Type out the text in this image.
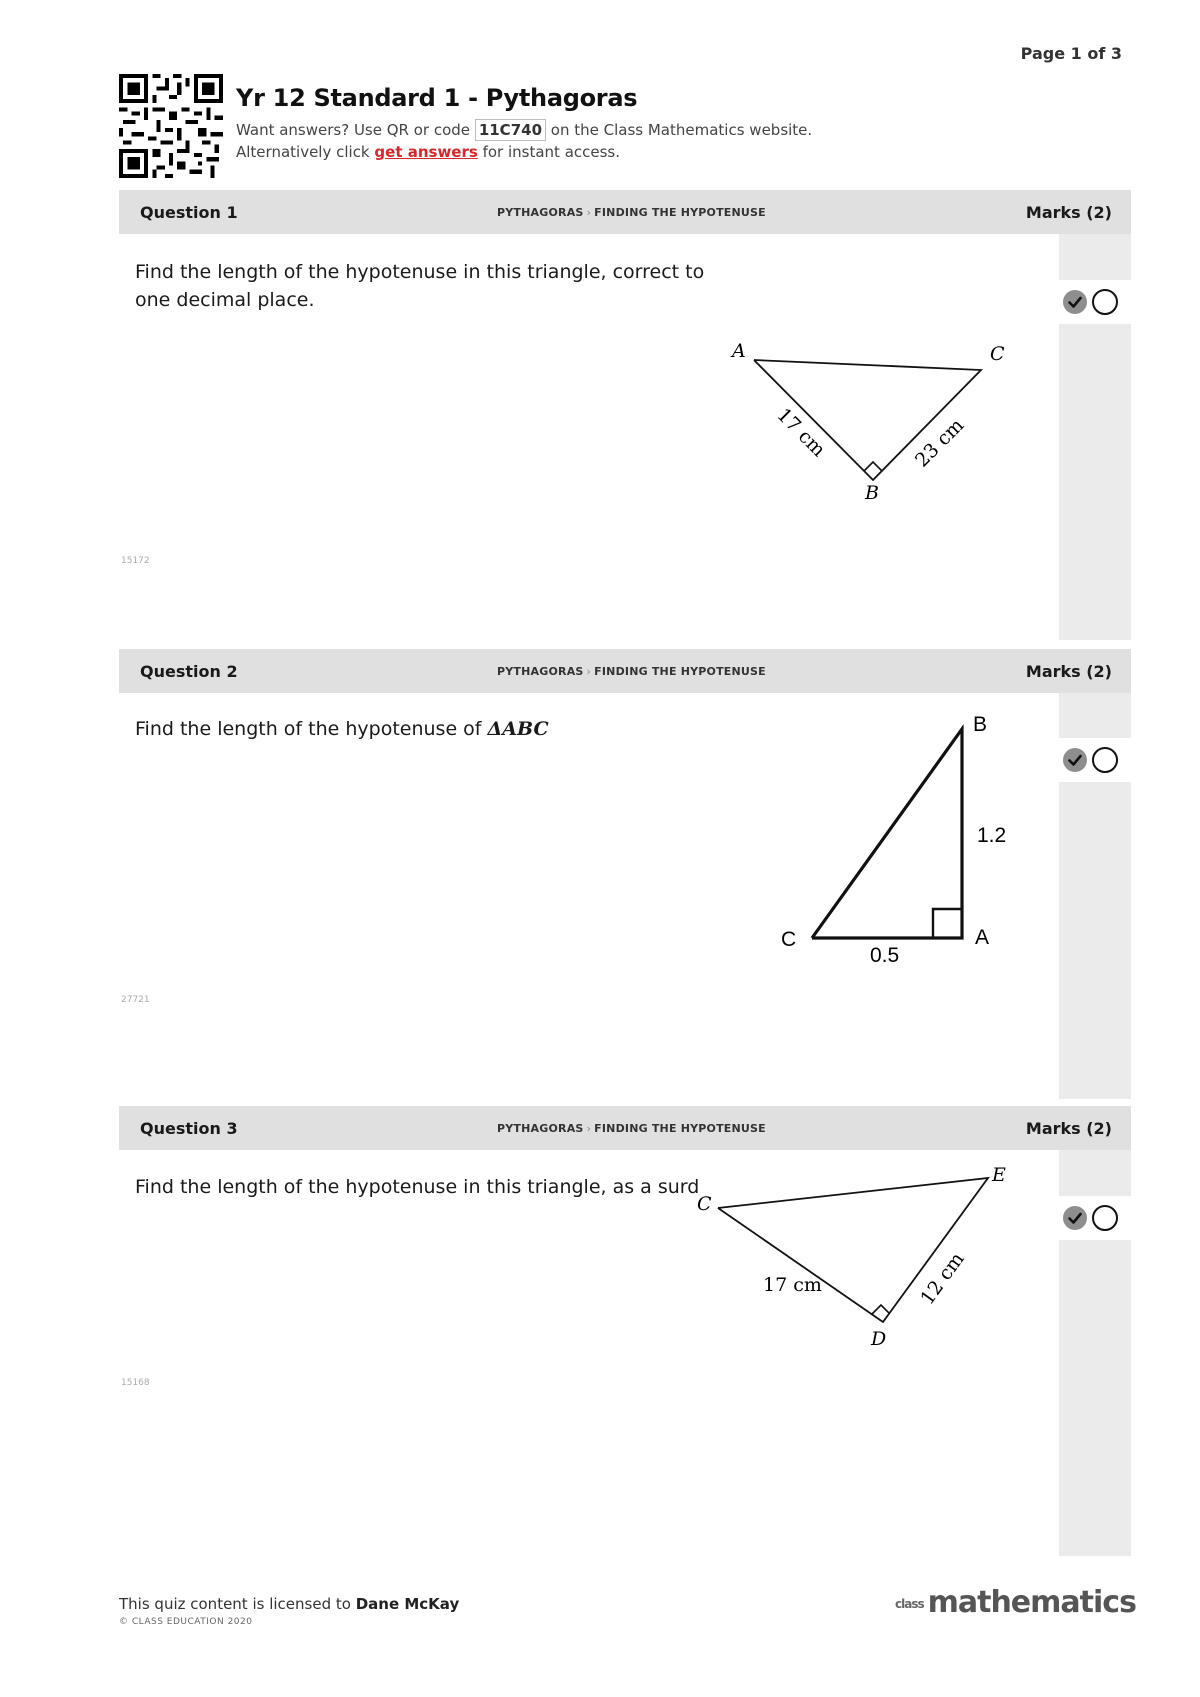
Page 1 of 3
Yr 12 Standard 1 - Pythagoras
Want answers? Use QR or code 11C740 on the Class Mathematics website.
Alternatively click get answers for instant access.
Question 1	PYTHAGORAS › FINDING THE HYPOTENUSE	Marks (2)
Find the length of the hypotenuse in this triangle, correct to
one decimal place.
15172
A
B
C
17 cm	23 cm
Question 2	PYTHAGORAS › FINDING THE HYPOTENUSE	Marks (2)
Find the length of the hypotenuse of ΔABC
27721
B
A
C
1.2
0.5
Question 3	PYTHAGORAS › FINDING THE HYPOTENUSE	Marks (2)
Find the length of the hypotenuse in this triangle, as a surd
15168
C
D
E
17 cm	12 cm
This quiz content is licensed to Dane McKay
© CLASS EDUCATION 2020
class mathematics
